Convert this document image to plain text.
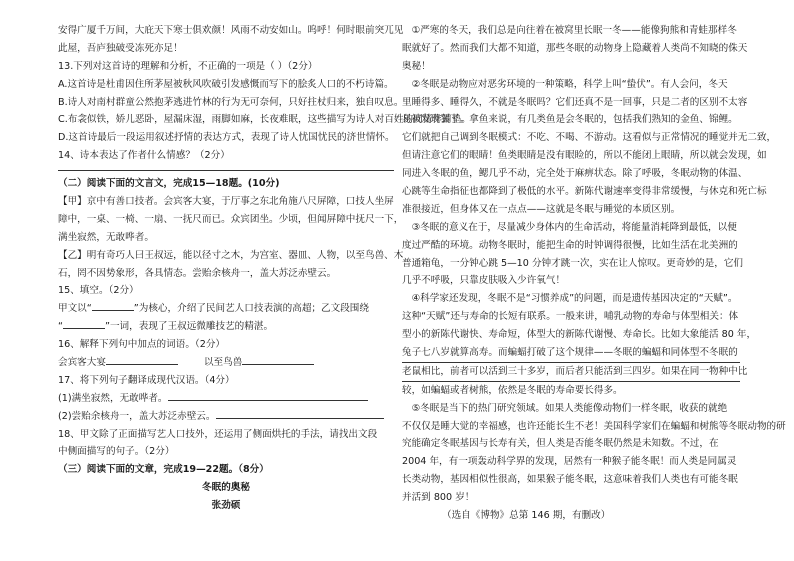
安得广厦千万间，大庇天下寒士俱欢颜！风雨不动安如山。呜呼！何时眼前突兀见
此屋，吾庐独破受冻死亦足！
13.下列对这首诗的理解和分析，不正确的一项是（ ）（2分）
A.这首诗是杜甫因住所茅屋被秋风吹破引发感慨而写下的脍炙人口的不朽诗篇。
B.诗人对南村群童公然抱茅逃进竹林的行为无可奈何，只好拄杖归来，独自叹息。
C.布衾似铁，娇儿恶卧，屋漏床湿，雨脚如麻，长夜难眠，这些描写为诗人对百姓的同情作铺垫。
D.这首诗最后一段运用叙述抒情的表达方式，表现了诗人忧国忧民的济世情怀。
14、诗本表达了作者什么情感？（2分）
（二）阅读下面的文言文，完成15—18题。(10分)
【甲】京中有善口技者。会宾客大宴，于厅事之东北角施八尺屏障，口技人坐屏
障中，一桌、一椅、一扇、一抚尺而已。众宾团坐。少顷，但闻屏障中抚尺一下，
满坐寂然，无敢哗者。
【乙】明有奇巧人曰王叔远，能以径寸之木，为宫室、器皿、人物，以至鸟兽、木
石，罔不因势象形，各具情态。尝贻余核舟一，盖大苏泛赤壁云。
15、填空。（2分）
甲文以“	”为核心，介绍了民间艺人口技表演的高超；乙文段围绕
“	”一词，表现了王叔远微雕技艺的精湛。
16、解释下列句中加点的词语。（2分）
会宾客大宴	以至鸟兽
17、将下列句子翻译成现代汉语。（4分）
(1)满坐寂然，无敢哗者。
(2)尝贻余核舟一，盖大苏泛赤壁云。
18、甲文除了正面描写艺人口技外，还运用了侧面烘托的手法，请找出文段
中侧面描写的句子。（2分）
（三）阅读下面的文章，完成19—22题。（8分）
冬眠的奥秘
张劲硕
①严寒的冬天，我们总是向往着在被窝里长眠一冬——能像狗熊和青蛙那样冬
眠就好了。然而我们大都不知道，那些冬眠的动物身上隐藏着人类尚不知晓的侏天
奥秘！
②冬眠是动物应对恶劣环境的一种策略，科学上叫“蛰伏”。有人会问，冬天
里睡得多、睡得久，不就是冬眠吗？它们还真不是一回事，只是二者的区别不太容
易被发现罢了。拿鱼来说，有几类鱼是会冬眠的，包括我们熟知的金鱼、锦鲤。
它们就把自己调到冬眠模式：不吃、不喝、不游动。这看似与正常情况的睡觉并无二致，
但请注意它们的眼睛！鱼类眼睛是没有眼睑的，所以不能闭上眼睛，所以就会发现，如
同进入冬眠的鱼，鳃几乎不动，完全处于麻痹状态。除了呼吸，冬眠动物的体温、
心跳等生命指征也都降到了极低的水平。新陈代谢速率变得非常缓慢，与休克和死亡标
准很接近，但身体又在一点点——这就是冬眠与睡觉的本质区别。
③冬眠的意义在于，尽量减少身体内的生命活动，将能量消耗降到最低，以便
度过严酷的环境。动物冬眠时，能把生命的时钟调得很慢，比如生活在北美洲的
普通箱龟，一分钟心跳 5—10 分钟才跳一次，实在让人惊叹。更奇妙的是，它们
几乎不呼吸，只靠皮肤吸入少许氧气！
④科学家还发现，冬眠不是“习惯养成”的问题，而是遗传基因决定的“天赋”。
这种“天赋”还与寿命的长短有联系。一般来讲，哺乳动物的寿命与体型相关：体
型小的新陈代谢快、寿命短，体型大的新陈代谢慢、寿命长。比如大象能活 80 年，
兔子七八岁就算高寿。而蝙蝠打破了这个规律——冬眠的蝙蝠和同体型不冬眠的
老鼠相比，前者可以活到三十多岁，而后者只能活到三四岁。如果在同一物种中比
较，如蝙蝠或者树熊，依然是冬眠的寿命要长得多。
⑤冬眠是当下的热门研究领域。如果人类能像动物们一样冬眠，收获的就绝
不仅仅是睡大觉的幸福感，也许还能长生不老！美国科学家们在蝙蝠和树熊等冬眠动物的研
究能确定冬眠基因与长寿有关，但人类是否能冬眠仍然是未知数。不过，在
2004 年，有一项轰动科学界的发现，居然有一种猴子能冬眠！而人类是同属灵
长类动物，基因相似性很高，如果猴子能冬眠，这意味着我们人类也有可能冬眠
并活到 800 岁！
（选自《博物》总第 146 期，有删改）
